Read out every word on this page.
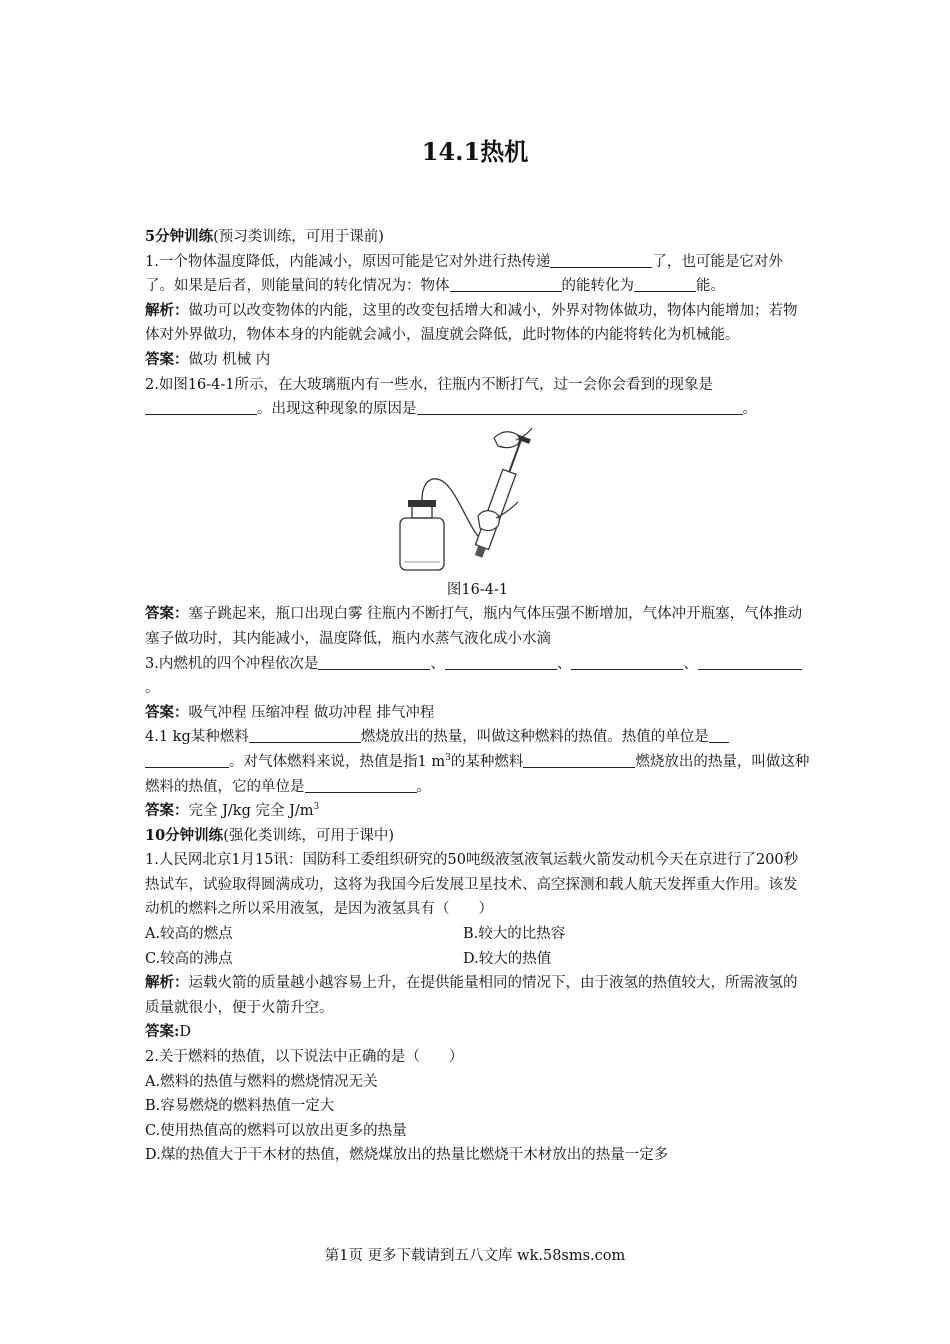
14.1热机

5分钟训练(预习类训练，可用于课前)

1.一个物体温度降低，内能减小，原因可能是它对外进行热传递	了，也可能是它对外了。如果是后者，则能量间的转化情况为：物体	的能转化为	能。

解析：做功可以改变物体的内能，这里的改变包括增大和减小，外界对物体做功，物体内能增加；若物体对外界做功，物体本身的内能就会减小，温度就会降低，此时物体的内能将转化为机械能。

答案：做功 机械 内

2.如图16-4-1所示，在大玻璃瓶内有一些水，往瓶内不断打气，过一会你会看到的现象是。出现这种现象的原因是	。

图16-4-1

答案：塞子跳起来，瓶口出现白雾 往瓶内不断打气，瓶内气体压强不断增加，气体冲开瓶塞，气体推动塞子做功时，其内能减小，温度降低，瓶内水蒸气液化成小水滴

3.内燃机的四个冲程依次是	、	、	、。

答案：吸气冲程 压缩冲程 做功冲程 排气冲程

4.1 kg某种燃料	燃烧放出的热量，叫做这种燃料的热值。热值的单位是。对气体燃料来说，热值是指1 $m^3$的某种燃料	燃烧放出的热量，叫做这种燃料的热值，它的单位是	。

答案：完全 J/kg 完全 $J/m^3$

10分钟训练(强化类训练，可用于课中)

1.人民网北京1月15讯：国防科工委组织研究的50吨级液氢液氧运载火箭发动机今天在京进行了200秒热试车，试验取得圆满成功，这将为我国今后发展卫星技术、高空探测和载人航天发挥重大作用。该发动机的燃料之所以采用液氢，是因为液氢具有（　　）

A.较高的燃点	B.较大的比热容
C.较高的沸点	D.较大的热值

解析：运载火箭的质量越小越容易上升，在提供能量相同的情况下，由于液氢的热值较大，所需液氢的质量就很小，便于火箭升空。

答案:D

2.关于燃料的热值，以下说法中正确的是（　　）

A.燃料的热值与燃料的燃烧情况无关

B.容易燃烧的燃料热值一定大

C.使用热值高的燃料可以放出更多的热量

D.煤的热值大于干木材的热值，燃烧煤放出的热量比燃烧干木材放出的热量一定多

第1页 更多下载请到五八文库 wk.58sms.com
